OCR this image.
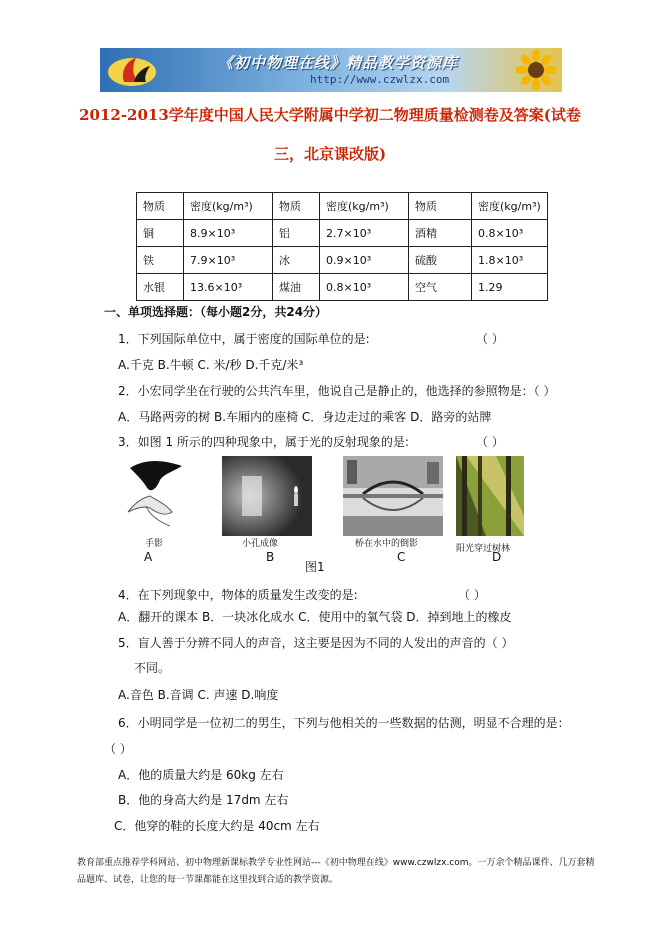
《初中物理在线》精品教学资源库
http://www.czwlzx.com
2012-2013学年度中国人民大学附属中学初二物理质量检测卷及答案(试卷
三，北京课改版)
物质	密度(kg/m³)	物质	密度(kg/m³)	物质	密度(kg/m³)
铜	8.9×10³	铝	2.7×10³	酒精	0.8×10³
铁	7.9×10³	冰	0.9×10³	硫酸	1.8×10³
水银	13.6×10³	煤油	0.8×10³	空气	1.29
一、单项选择题：（每小题2分，共24分）
1．下列国际单位中，属于密度的国际单位的是:	（ ）
A.千克 B.牛顿 C. 米/秒 D.千克/米³
2．小宏同学坐在行驶的公共汽车里，他说自己是静止的，他选择的参照物是：（ ）
A．马路两旁的树 B.车厢内的座椅 C．身边走过的乘客 D．路旁的站牌
3．如图 1 所示的四种现象中，属于光的反射现象的是:	（ ）
手影	小孔成像	桥在水中的倒影	阳光穿过树林
A	B	C	D
图1
4．在下列现象中，物体的质量发生改变的是:	（ ）
A．翻开的课本 B．一块冰化成水 C．使用中的氧气袋 D．掉到地上的橡皮
5．盲人善于分辨不同人的声音，这主要是因为不同的人发出的声音的（ ）
不同。
A.音色 B.音调 C. 声速 D.响度
6．小明同学是一位初二的男生，下列与他相关的一些数据的估测，明显不合理的是：
（ ）
A．他的质量大约是 60kg 左右
B．他的身高大约是 17dm 左右
C．他穿的鞋的长度大约是 40cm 左右
教育部重点推荐学科网站、初中物理新课标教学专业性网站---《初中物理在线》www.czwlzx.com。一万余个精品课件、几万套精品题库、试卷，让您的每一节课都能在这里找到合适的教学资源。
